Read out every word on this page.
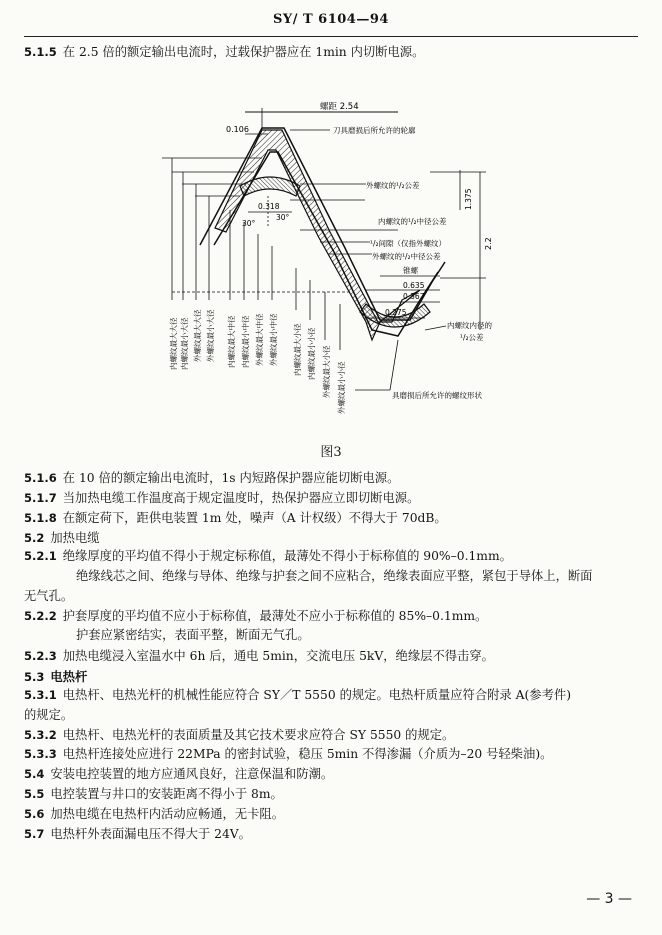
SY/ T 6104—94
5.1.5 在 2.5 倍的额定输出电流时，过载保护器应在 1min 内切断电源。
螺距 2.54
0.106	刀具磨损后所允许的轮廓
外螺纹的¹/₂公差
0.318
30°
30°	内螺纹的¹/₂中径公差
¹/₂间隙（仅指外螺纹）
外螺纹的¹/₂中径公差
1.375
2.2
锥螺
0.635
0.367
0.275
内螺纹内径的
¹/₂公差
具磨损后所允许的螺纹形状
内螺纹最大大径 内螺纹最小大径 外螺纹最大大径 外螺纹最小大径 内螺纹最大中径 内螺纹最小中径 外螺纹最大中径 外螺纹最小中径 内螺纹最大小径 内螺纹最小小径 外螺纹最大小径 外螺纹最小小径
图3
5.1.6 在 10 倍的额定输出电流时，1s 内短路保护器应能切断电源。
5.1.7 当加热电缆工作温度高于规定温度时，热保护器应立即切断电源。
5.1.8 在额定荷下，距供电装置 1m 处，噪声（A 计权级）不得大于 70dB。
5.2 加热电缆
5.2.1 绝缘厚度的平均值不得小于规定标称值，最薄处不得小于标称值的 90%–0.1mm。
绝缘线芯之间、绝缘与导体、绝缘与护套之间不应粘合，绝缘表面应平整，紧包于导体上，断面
无气孔。
5.2.2 护套厚度的平均值不应小于标称值，最薄处不应小于标称值的 85%–0.1mm。
护套应紧密结实，表面平整，断面无气孔。
5.2.3 加热电缆浸入室温水中 6h 后，通电 5min，交流电压 5kV，绝缘层不得击穿。
5.3 电热杆
5.3.1 电热杆、电热光杆的机械性能应符合 SY／T 5550 的规定。电热杆质量应符合附录 A(参考件)
的规定。
5.3.2 电热杆、电热光杆的表面质量及其它技术要求应符合 SY 5550 的规定。
5.3.3 电热杆连接处应进行 22MPa 的密封试验，稳压 5min 不得渗漏（介质为–20 号轻柴油)。
5.4 安装电控装置的地方应通风良好，注意保温和防潮。
5.5 电控装置与井口的安装距离不得小于 8m。
5.6 加热电缆在电热杆内活动应畅通，无卡阻。
5.7 电热杆外表面漏电压不得大于 24V。
— 3 —
